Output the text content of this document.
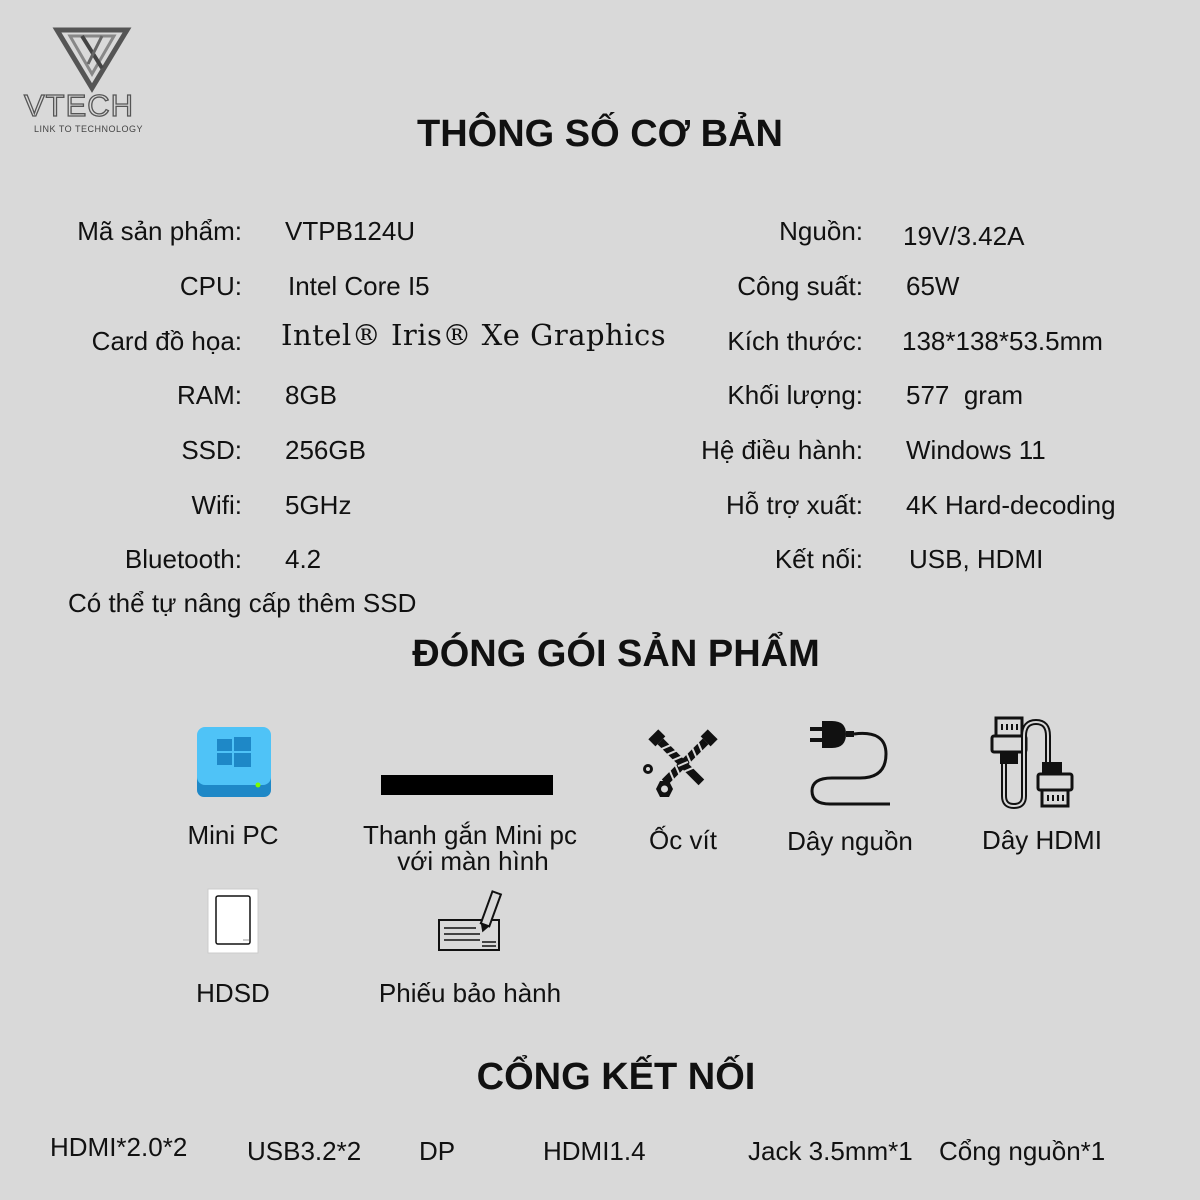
VTECH
LINK TO TECHNOLOGY	THÔNG SỐ CƠ BẢN
Mã sản phẩm: VTPB124U
CPU: Intel Core I5
Card đồ họa: Intel® Iris® Xe Graphics
RAM: 8GB
SSD: 256GB
Wifi: 5GHz
Bluetooth: 4.2
Nguồn: 19V/3.42A
Công suất: 65W
Kích thước: 138*138*53.5mm
Khối lượng: 577  gram
Hệ điều hành: Windows 11
Hỗ trợ xuất: 4K Hard-decoding
Kết nối: USB, HDMI
Có thể tự nâng cấp thêm SSD
ĐÓNG GÓI SẢN PHẨM
Mini PC	Thanh gắn Mini pc
với màn hình
Ốc vít	Dây nguồn	Dây HDMI
HDSD	Phiếu bảo hành
CỔNG KẾT NỐI
HDMI*2.0*2 USB3.2*2 DP	HDMI1.4	Jack 3.5mm*1 Cổng nguồn*1
